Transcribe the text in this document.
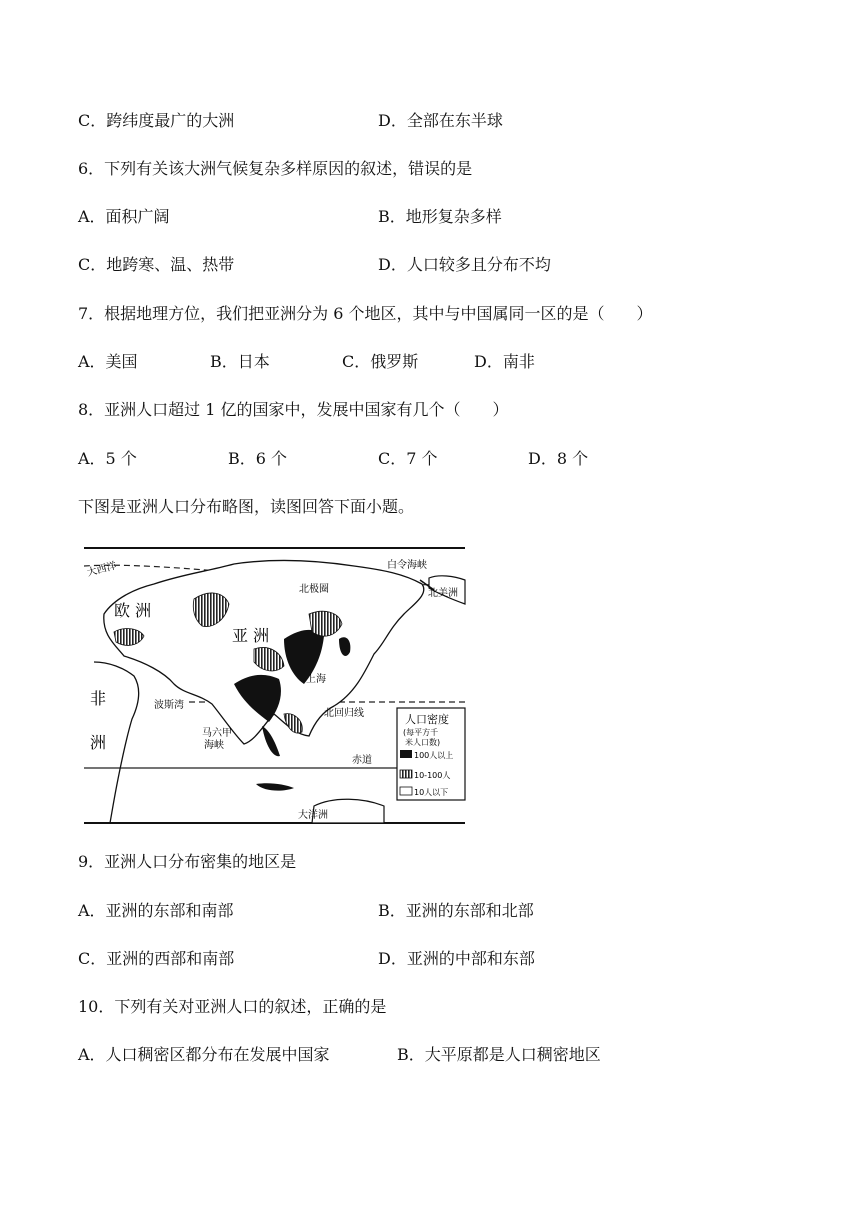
C．跨纬度最广的大洲	D．全部在东半球
6．下列有关该大洲气候复杂多样原因的叙述，错误的是
A．面积广阔	B．地形复杂多样
C．地跨寒、温、热带	D．人口较多且分布不均
7．根据地理方位，我们把亚洲分为 6 个地区，其中与中国属同一区的是（　　）
A．美国	B．日本	C．俄罗斯	D．南非
8．亚洲人口超过 1 亿的国家中，发展中国家有几个（　　）
A．5 个	B．6 个	C．7 个	D．8 个
下图是亚洲人口分布略图，读图回答下面小题。
大西洋
欧 洲
亚 洲
非
洲
白令海峡
北美洲
北极圈
上海
波斯湾
北回归线
马六甲
海峡
赤道
大洋洲
人口密度
(每平方千
米人口数)
100人以上
10-100人
10人以下
9．亚洲人口分布密集的地区是
A．亚洲的东部和南部	B．亚洲的东部和北部
C．亚洲的西部和南部	D．亚洲的中部和东部
10．下列有关对亚洲人口的叙述，正确的是
A．人口稠密区都分布在发展中国家	B．大平原都是人口稠密地区
